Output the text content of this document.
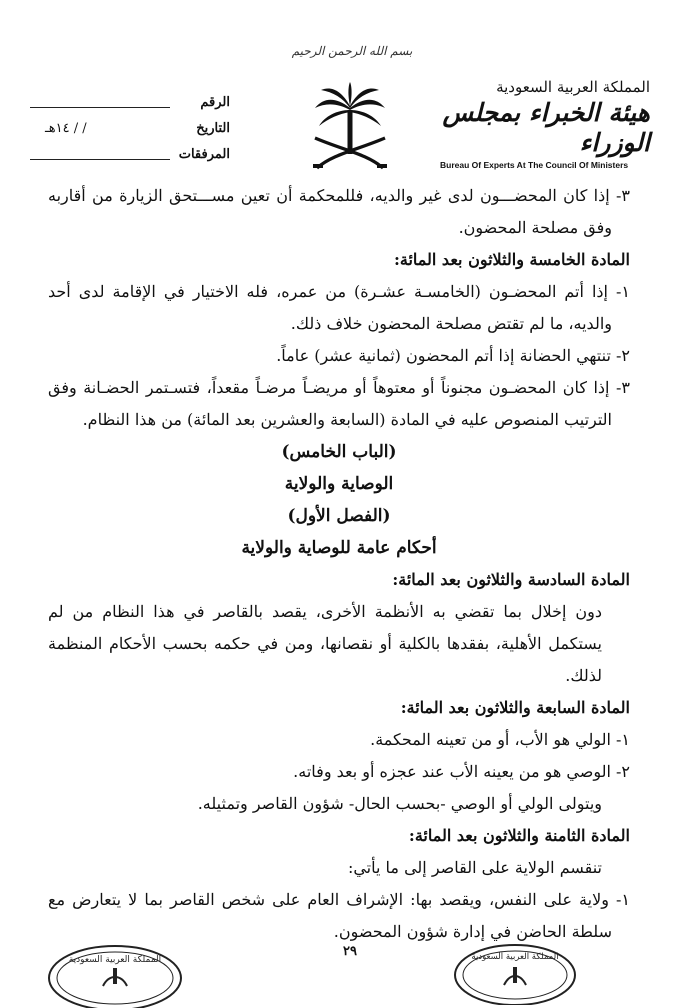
المملكة العربية السعودية
هيئة الخبراء بمجلس الوزراء
Bureau Of Experts At The Council Of Ministers
بسم الله الرحمن الرحيم
الرقم
التاريخ
/ / ١٤هـ
المرفقات

٣- إذا كان المحضـــون لدى غير والديه، فللمحكمة أن تعين مســـتحق الزيارة من أقاربه وفق مصلحة المحضون.

المادة الخامسة والثلاثون بعد المائة:

١- إذا أتم المحضـون (الخامسـة عشـرة) من عمره، فله الاختيار في الإقامة لدى أحد والديه، ما لم تقتض مصلحة المحضون خلاف ذلك.

٢- تنتهي الحضانة إذا أتم المحضون (ثمانية عشر) عاماً.

٣- إذا كان المحضـون مجنوناً أو معتوهاً أو مريضـاً مرضـاً مقعداً، فتسـتمر الحضـانة وفق الترتيب المنصوص عليه في المادة (السابعة والعشرين بعد المائة) من هذا النظام.

(الباب الخامس)

الوصاية والولاية

(الفصل الأول)

أحكام عامة للوصاية والولاية

المادة السادسة والثلاثون بعد المائة:

دون إخلال بما تقضي به الأنظمة الأخرى، يقصد بالقاصر في هذا النظام من لم يستكمل الأهلية، بفقدها بالكلية أو نقصانها، ومن في حكمه بحسب الأحكام المنظمة لذلك.

المادة السابعة والثلاثون بعد المائة:

١- الولي هو الأب، أو من تعينه المحكمة.

٢- الوصي هو من يعينه الأب عند عجزه أو بعد وفاته.

ويتولى الولي أو الوصي -بحسب الحال- شؤون القاصر وتمثيله.

المادة الثامنة والثلاثون بعد المائة:

تنقسم الولاية على القاصر إلى ما يأتي:

١- ولاية على النفس، ويقصد بها: الإشراف العام على شخص القاصر بما لا يتعارض مع سلطة الحاضن في إدارة شؤون المحضون.

٢٩
المملكة العربية السعودية	المملكة العربية السعودية
